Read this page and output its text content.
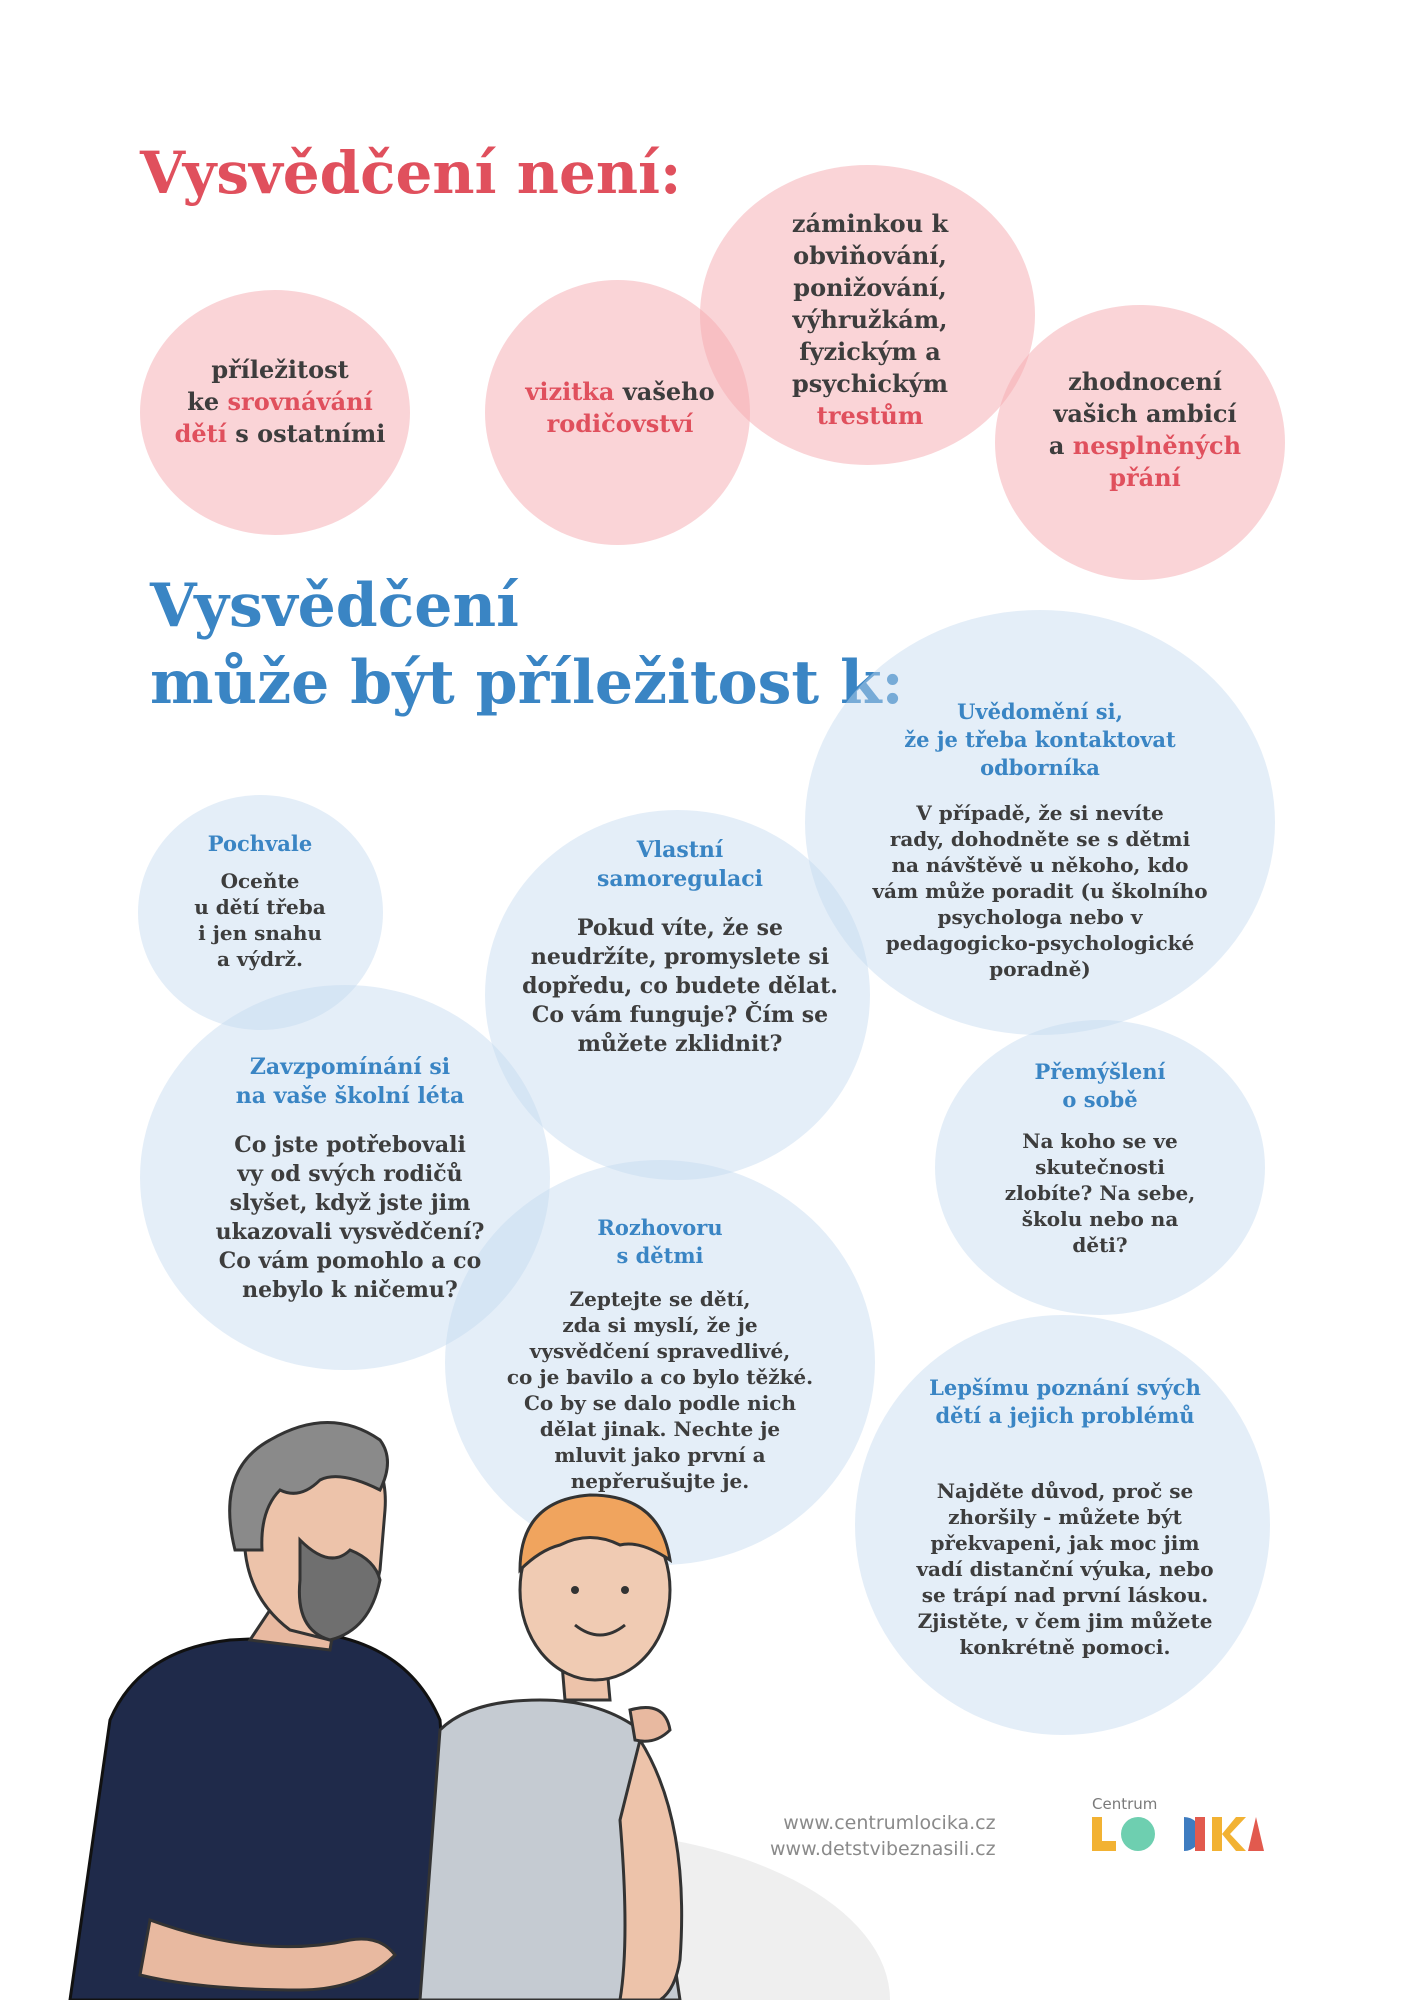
Vysvědčení není:
příležitost
ke srovnávání
dětí s ostatními
vizitka vašeho
rodičovství
záminkou k
obviňování,
ponižování,
výhružkám,
fyzickým a
psychickým
trestům
zhodnocení
vašich ambicí
a nesplněných
přání
Vysvědčení
může být příležitost k:
Pochvale
Oceňte
u dětí třeba
i jen snahu
a výdrž.
Vlastní
samoregulaci
Pokud víte, že se
neudržíte, promyslete si
dopředu, co budete dělat.
Co vám funguje? Čím se
můžete zklidnit?
Uvědomění si,
že je třeba kontaktovat
odborníka
V případě, že si nevíte
rady, dohodněte se s dětmi
na návštěvě u někoho, kdo
vám může poradit (u školního
psychologa nebo v
pedagogicko-psychologické
poradně)
Zavzpomínání si
na vaše školní léta
Co jste potřebovali
vy od svých rodičů
slyšet, když jste jim
ukazovali vysvědčení?
Co vám pomohlo a co
nebylo k ničemu?
Přemýšlení
o sobě
Na koho se ve
skutečnosti
zlobíte? Na sebe,
školu nebo na
děti?
Rozhovoru
s dětmi
Zeptejte se dětí,
zda si myslí, že je
vysvědčení spravedlivé,
co je bavilo a co bylo těžké.
Co by se dalo podle nich
dělat jinak. Nechte je
mluvit jako první a
nepřerušujte je.
Lepšímu poznání svých
dětí a jejich problémů
Najděte důvod, proč se
zhoršily - můžete být
překvapeni, jak moc jim
vadí distanční výuka, nebo
se trápí nad první láskou.
Zjistěte, v čem jim můžete
konkrétně pomoci.
www.centrumlocika.cz
www.detstvibeznasili.cz
Centrum
